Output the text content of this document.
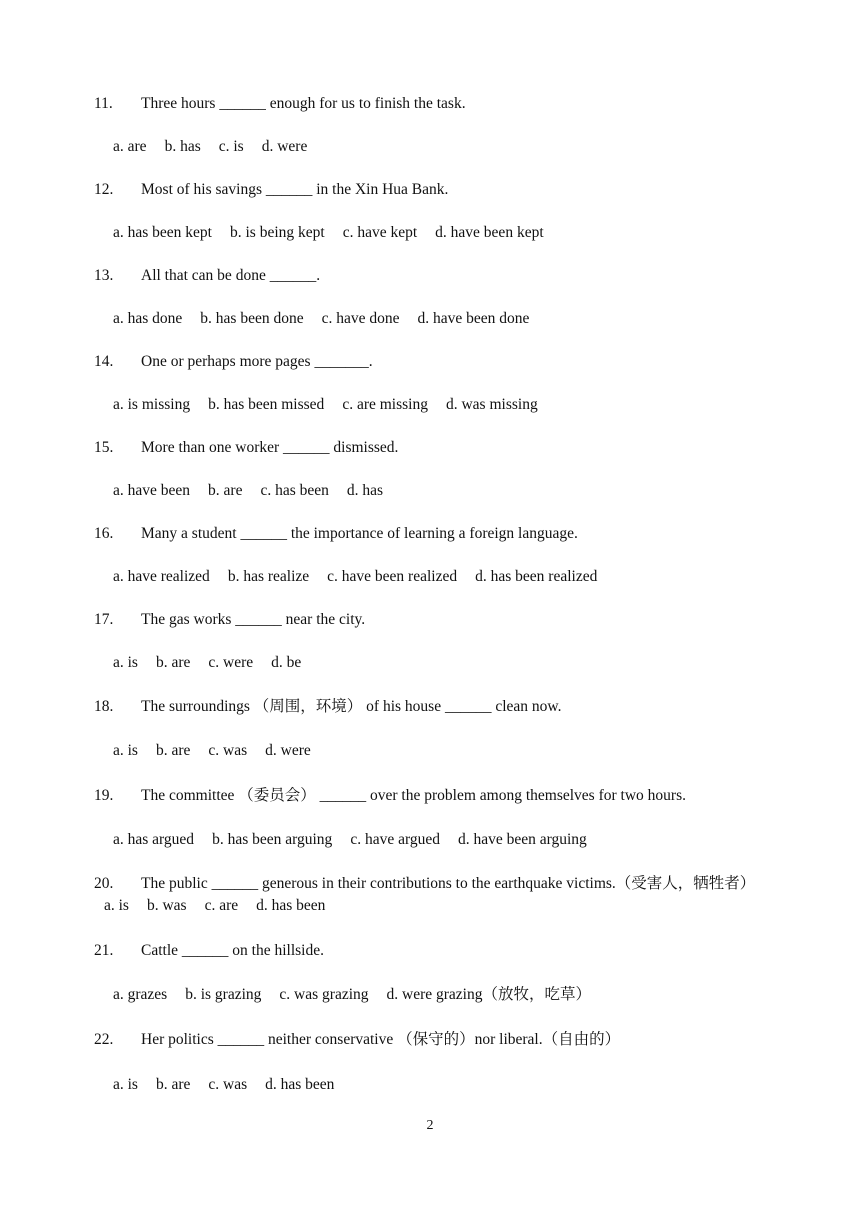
11. Three hours ______ enough for us to finish the task.
a. are b. has c. is d. were
12. Most of his savings ______ in the Xin Hua Bank.
a. has been kept b. is being kept c. have kept d. have been kept
13. All that can be done ______.
a. has done b. has been done c. have done d. have been done
14. One or perhaps more pages _______.
a. is missing b. has been missed c. are missing d. was missing
15. More than one worker ______ dismissed.
a. have been b. are c. has been d. has
16. Many a student ______ the importance of learning a foreign language.
a. have realized b. has realize c. have been realized d. has been realized
17. The gas works ______ near the city.
a. is b. are c. were d. be
18. The surroundings （周围，环境） of his house ______ clean now.
a. is b. are c. was d. were
19. The committee （委员会） ______ over the problem among themselves for two hours.
a. has argued b. has been arguing c. have argued d. have been arguing
20. The public ______ generous in their contributions to the earthquake victims.（受害人，牺牲者） a. is b. was c. are d. has been
21. Cattle ______ on the hillside.
a. grazes b. is grazing c. was grazing d. were grazing（放牧，吃草）
22. Her politics ______ neither conservative （保守的）nor liberal.（自由的）
a. is b. are c. was d. has been
2
